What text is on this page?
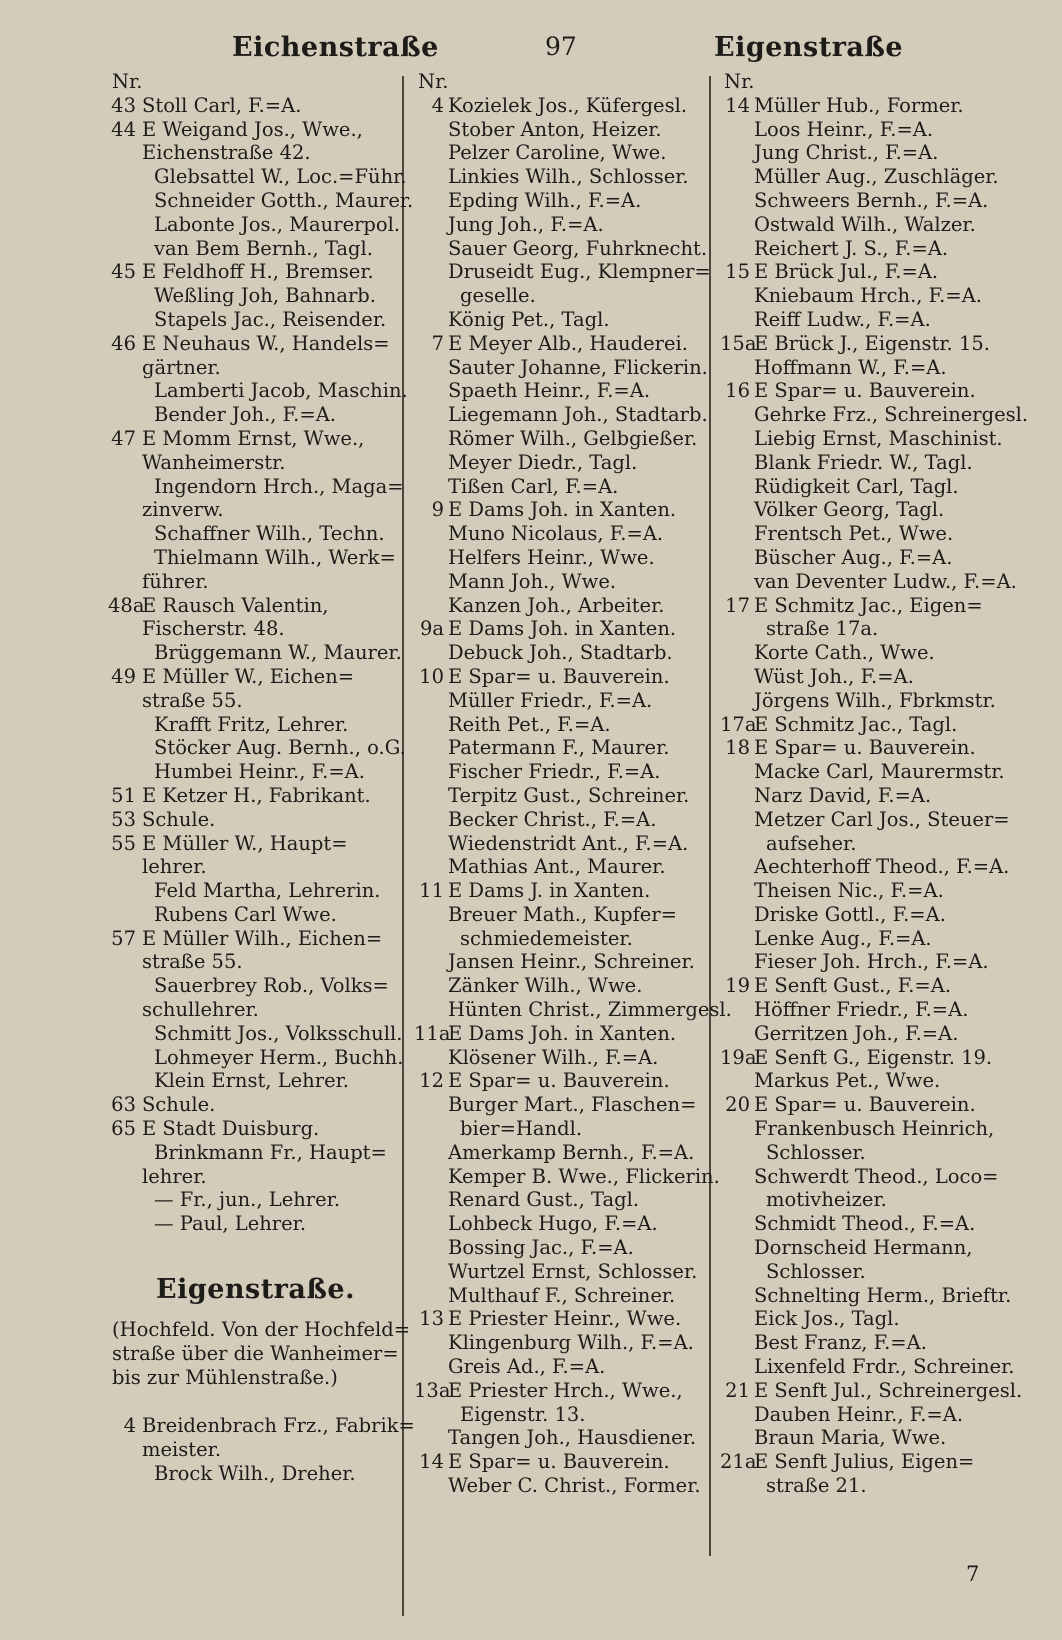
Eichenstraße	97	Eigenstraße
Nr.
43 Stoll Carl, F.=A.
44 E Weigand Jos., Wwe.,
Eichenstraße 42.
Glebsattel W., Loc.=Führ.
Schneider Gotth., Maurer.
Labonte Jos., Maurerpol.
van Bem Bernh., Tagl.
45 E Feldhoff H., Bremser.
Weßling Joh, Bahnarb.
Stapels Jac., Reisender.
46 E Neuhaus W., Handels=
gärtner.
Lamberti Jacob, Maschin.
Bender Joh., F.=A.
47 E Momm Ernst, Wwe.,
Wanheimerstr.
Ingendorn Hrch., Maga=
zinverw.
Schaffner Wilh., Techn.
Thielmann Wilh., Werk=
führer.
48a
E Rausch Valentin,
Fischerstr. 48.
Brüggemann W., Maurer.
49 E Müller W., Eichen=
straße 55.
Krafft Fritz, Lehrer.
Stöcker Aug. Bernh., o.G.
Humbei Heinr., F.=A.
51 E Ketzer H., Fabrikant.
53 Schule.
55 E Müller W., Haupt=
lehrer.
Feld Martha, Lehrerin.
Rubens Carl Wwe.
57 E Müller Wilh., Eichen=
straße 55.
Sauerbrey Rob., Volks=
schullehrer.
Schmitt Jos., Volksschull.
Lohmeyer Herm., Buchh.
Klein Ernst, Lehrer.
63 Schule.
65 E Stadt Duisburg.
Brinkmann Fr., Haupt=
lehrer.
— Fr., jun., Lehrer.
— Paul, Lehrer.
Eigenstraße.
(Hochfeld. Von der Hochfeld=
straße über die Wanheimer=
bis zur Mühlenstraße.)
4 Breidenbrach Frz., Fabrik=
meister.
Brock Wilh., Dreher.
Nr.
4 Kozielek Jos., Küfergesl.
Stober Anton, Heizer.
Pelzer Caroline, Wwe.
Linkies Wilh., Schlosser.
Epding Wilh., F.=A.
Jung Joh., F.=A.
Sauer Georg, Fuhrknecht.
Druseidt Eug., Klempner=
geselle.
König Pet., Tagl.
7 E Meyer Alb., Hauderei.
Sauter Johanne, Flickerin.
Spaeth Heinr., F.=A.
Liegemann Joh., Stadtarb.
Römer Wilh., Gelbgießer.
Meyer Diedr., Tagl.
Tißen Carl, F.=A.
9 E Dams Joh. in Xanten.
Muno Nicolaus, F.=A.
Helfers Heinr., Wwe.
Mann Joh., Wwe.
Kanzen Joh., Arbeiter.
9a E Dams Joh. in Xanten.
Debuck Joh., Stadtarb.
10 E Spar= u. Bauverein.
Müller Friedr., F.=A.
Reith Pet., F.=A.
Patermann F., Maurer.
Fischer Friedr., F.=A.
Terpitz Gust., Schreiner.
Becker Christ., F.=A.
Wiedenstridt Ant., F.=A.
Mathias Ant., Maurer.
11 E Dams J. in Xanten.
Breuer Math., Kupfer=
schmiedemeister.
Jansen Heinr., Schreiner.
Zänker Wilh., Wwe.
Hünten Christ., Zimmergesl.
11a
E Dams Joh. in Xanten.
Klösener Wilh., F.=A.
12 E Spar= u. Bauverein.
Burger Mart., Flaschen=
bier=Handl.
Amerkamp Bernh., F.=A.
Kemper B. Wwe., Flickerin.
Renard Gust., Tagl.
Lohbeck Hugo, F.=A.
Bossing Jac., F.=A.
Wurtzel Ernst, Schlosser.
Multhauf F., Schreiner.
13 E Priester Heinr., Wwe.
Klingenburg Wilh., F.=A.
Greis Ad., F.=A.
13a
E Priester Hrch., Wwe.,
Eigenstr. 13.
Tangen Joh., Hausdiener.
14 E Spar= u. Bauverein.
Weber C. Christ., Former.
Nr.
14 Müller Hub., Former.
Loos Heinr., F.=A.
Jung Christ., F.=A.
Müller Aug., Zuschläger.
Schweers Bernh., F.=A.
Ostwald Wilh., Walzer.
Reichert J. S., F.=A.
15 E Brück Jul., F.=A.
Kniebaum Hrch., F.=A.
Reiff Ludw., F.=A.
15a
E Brück J., Eigenstr. 15.
Hoffmann W., F.=A.
16 E Spar= u. Bauverein.
Gehrke Frz., Schreinergesl.
Liebig Ernst, Maschinist.
Blank Friedr. W., Tagl.
Rüdigkeit Carl, Tagl.
Völker Georg, Tagl.
Frentsch Pet., Wwe.
Büscher Aug., F.=A.
van Deventer Ludw., F.=A.
17 E Schmitz Jac., Eigen=
straße 17a.
Korte Cath., Wwe.
Wüst Joh., F.=A.
Jörgens Wilh., Fbrkmstr.
17a
E Schmitz Jac., Tagl.
18 E Spar= u. Bauverein.
Macke Carl, Maurermstr.
Narz David, F.=A.
Metzer Carl Jos., Steuer=
aufseher.
Aechterhoff Theod., F.=A.
Theisen Nic., F.=A.
Driske Gottl., F.=A.
Lenke Aug., F.=A.
Fieser Joh. Hrch., F.=A.
19 E Senft Gust., F.=A.
Höffner Friedr., F.=A.
Gerritzen Joh., F.=A.
19a
E Senft G., Eigenstr. 19.
Markus Pet., Wwe.
20 E Spar= u. Bauverein.
Frankenbusch Heinrich,
Schlosser.
Schwerdt Theod., Loco=
motivheizer.
Schmidt Theod., F.=A.
Dornscheid Hermann,
Schlosser.
Schnelting Herm., Brieftr.
Eick Jos., Tagl.
Best Franz, F.=A.
Lixenfeld Frdr., Schreiner.
21 E Senft Jul., Schreinergesl.
Dauben Heinr., F.=A.
Braun Maria, Wwe.
21a
E Senft Julius, Eigen=
straße 21.
7
